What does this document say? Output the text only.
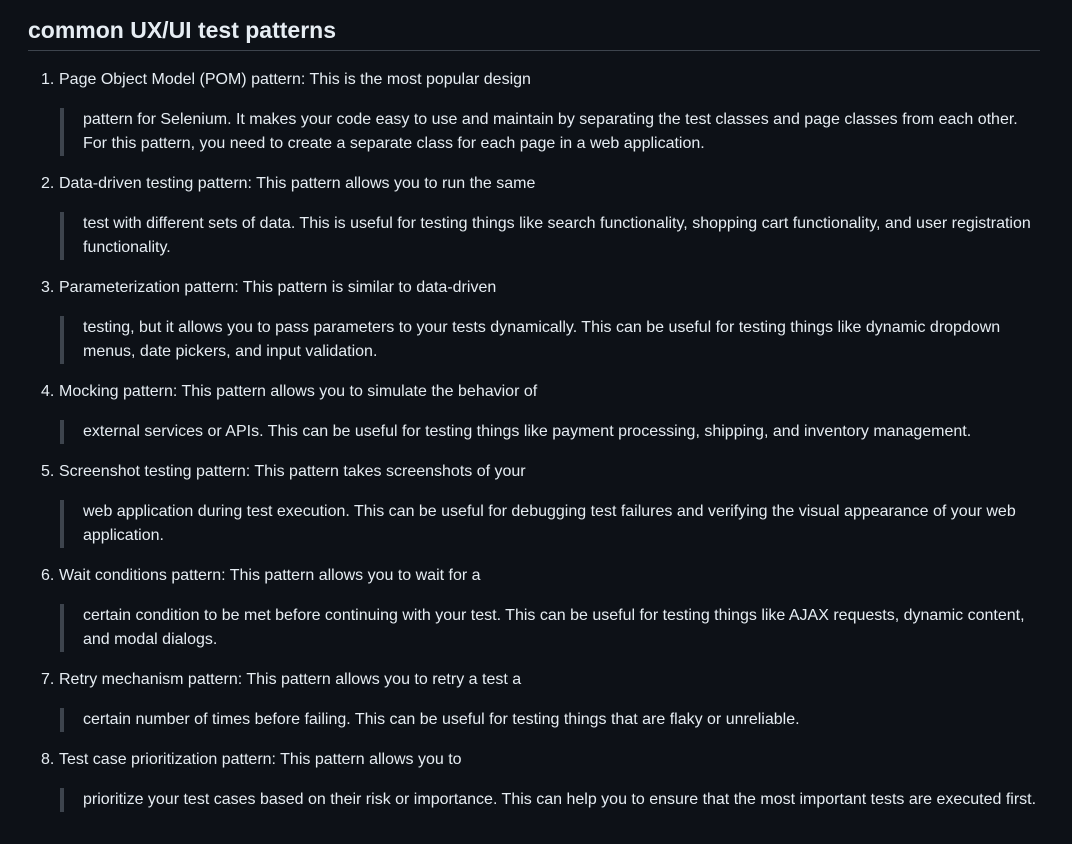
common UX/UI test patterns
1. Page Object Model (POM) pattern: This is the most popular design
pattern for Selenium. It makes your code easy to use and maintain by separating the test classes and page classes from each other. For this pattern, you need to create a separate class for each page in a web application.
2. Data-driven testing pattern: This pattern allows you to run the same
test with different sets of data. This is useful for testing things like search functionality, shopping cart functionality, and user registration functionality.
3. Parameterization pattern: This pattern is similar to data-driven
testing, but it allows you to pass parameters to your tests dynamically. This can be useful for testing things like dynamic dropdown menus, date pickers, and input validation.
4. Mocking pattern: This pattern allows you to simulate the behavior of
external services or APIs. This can be useful for testing things like payment processing, shipping, and inventory management.
5. Screenshot testing pattern: This pattern takes screenshots of your
web application during test execution. This can be useful for debugging test failures and verifying the visual appearance of your web application.
6. Wait conditions pattern: This pattern allows you to wait for a
certain condition to be met before continuing with your test. This can be useful for testing things like AJAX requests, dynamic content, and modal dialogs.
7. Retry mechanism pattern: This pattern allows you to retry a test a
certain number of times before failing. This can be useful for testing things that are flaky or unreliable.
8. Test case prioritization pattern: This pattern allows you to
prioritize your test cases based on their risk or importance. This can help you to ensure that the most important tests are executed first.
